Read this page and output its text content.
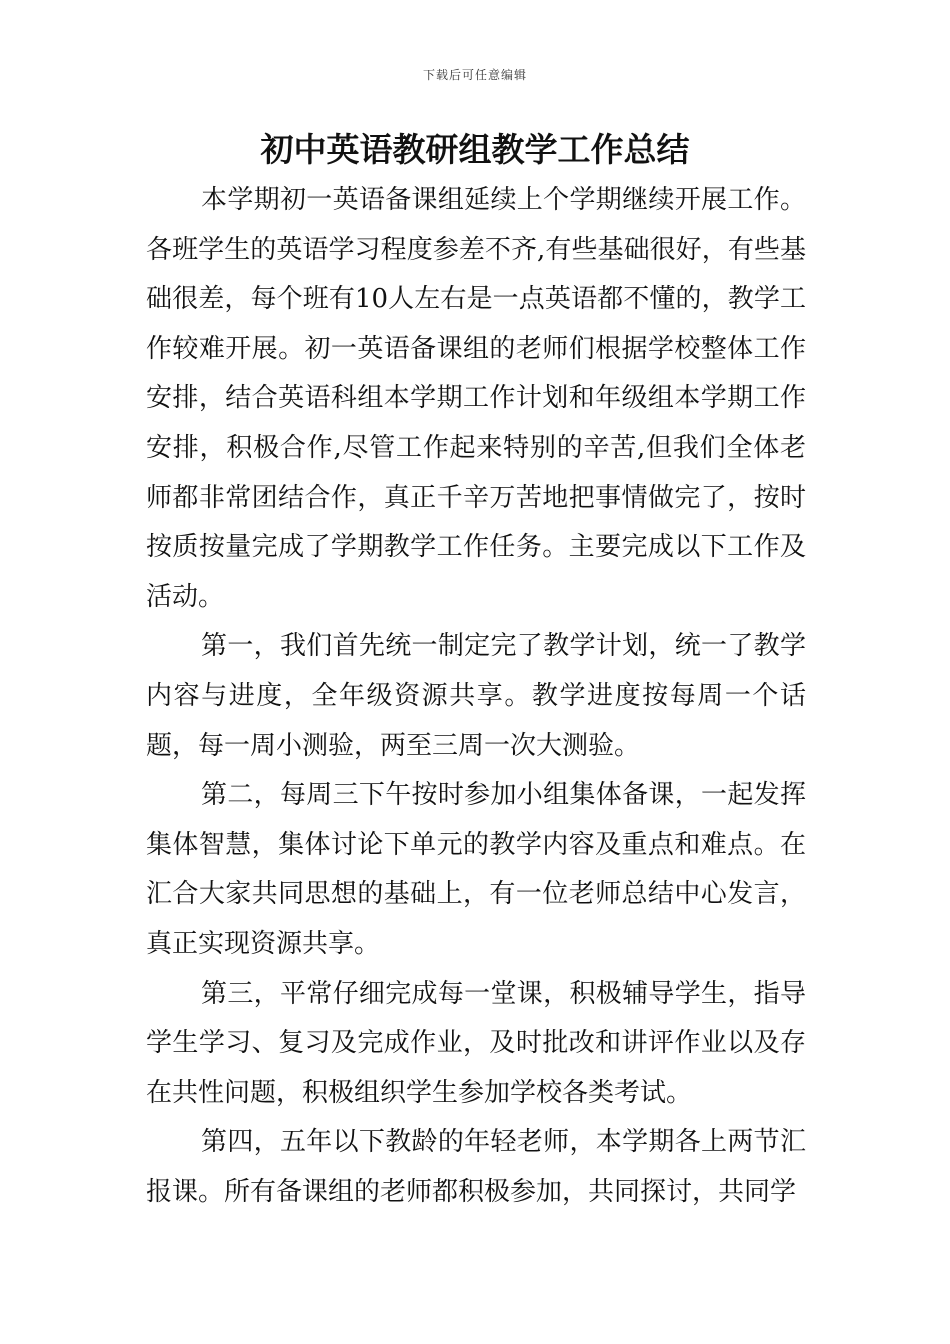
下载后可任意编辑
初中英语教研组教学工作总结

本学期初一英语备课组延续上个学期继续开展工作。各班学生的英语学习程度参差不齐,有些基础很好，有些基础很差，每个班有10人左右是一点英语都不懂的，教学工作较难开展。初一英语备课组的老师们根据学校整体工作安排，结合英语科组本学期工作计划和年级组本学期工作安排，积极合作,尽管工作起来特别的辛苦,但我们全体老师都非常团结合作，真正千辛万苦地把事情做完了，按时按质按量完成了学期教学工作任务。主要完成以下工作及活动。

第一，我们首先统一制定完了教学计划，统一了教学内容与进度，全年级资源共享。教学进度按每周一个话题，每一周小测验，两至三周一次大测验。

第二，每周三下午按时参加小组集体备课，一起发挥集体智慧，集体讨论下单元的教学内容及重点和难点。在汇合大家共同思想的基础上，有一位老师总结中心发言，真正实现资源共享。

第三，平常仔细完成每一堂课，积极辅导学生，指导学生学习、复习及完成作业，及时批改和讲评作业以及存在共性问题，积极组织学生参加学校各类考试。

第四，五年以下教龄的年轻老师，本学期各上两节汇报课。所有备课组的老师都积极参加，共同探讨，共同学
